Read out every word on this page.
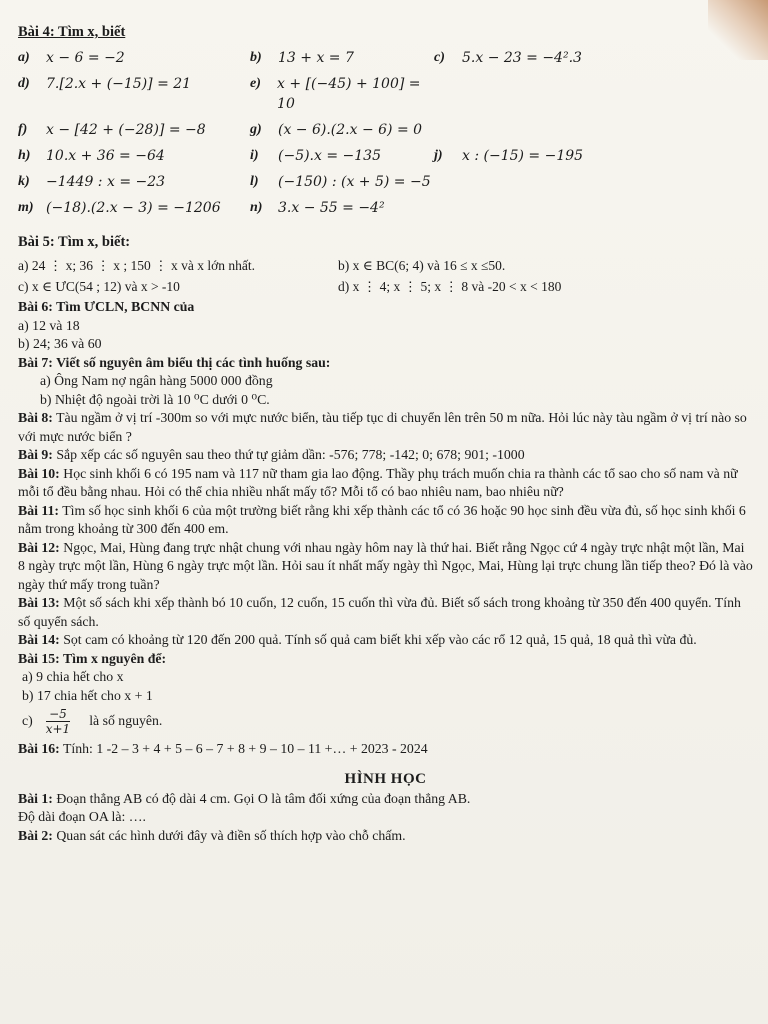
Bài 4: Tìm x, biết
a)	x − 6 = −2	b)	13 + x = 7	c)	5.x − 23 = −4².3
d)	7.[2.x + (−15)] = 21	e)	x + [(−45) + 100] = 10
f)	x − [42 + (−28)] = −8	g)	(x − 6).(2.x − 6) = 0
h)	10.x + 36 = −64	i)	(−5).x = −135	j)	x : (−15) = −195
k)	−1449 : x = −23	l)	(−150) : (x + 5) = −5
m) (−18).(2.x − 3) = −1206 n)	3.x − 55 = −4²
Bài 5: Tìm x, biết:
a) 24 ⋮ x; 36 ⋮ x ; 150 ⋮ x và x lớn nhất.	b) x ∈ BC(6; 4) và 16 ≤ x ≤50.
c) x ∈ ƯC(54 ; 12) và x > -10	d) x ⋮ 4; x ⋮ 5; x ⋮ 8 và -20 < x < 180
Bài 6: Tìm ƯCLN, BCNN của
a) 12 và 18
b) 24; 36 và 60
Bài 7: Viết số nguyên âm biểu thị các tình huống sau:
a) Ông Nam nợ ngân hàng 5000 000 đồng
b) Nhiệt độ ngoài trời là 10 ⁰C dưới 0 ⁰C.
Bài 8: Tàu ngầm ở vị trí -300m so với mực nước biển, tàu tiếp tục di chuyển lên trên 50 m nữa. Hỏi lúc này tàu ngầm ở vị trí nào so với mực nước biển ?
Bài 9: Sắp xếp các số nguyên sau theo thứ tự giảm dần: -576; 778; -142; 0; 678; 901; -1000
Bài 10: Học sinh khối 6 có 195 nam và 117 nữ tham gia lao động. Thầy phụ trách muốn chia ra thành các tổ sao cho số nam và nữ mỗi tổ đều bằng nhau. Hỏi có thể chia nhiều nhất mấy tổ? Mỗi tổ có bao nhiêu nam, bao nhiêu nữ?
Bài 11: Tìm số học sinh khối 6 của một trường biết rằng khi xếp thành các tổ có 36 hoặc 90 học sinh đều vừa đủ, số học sinh khối 6 nằm trong khoảng từ 300 đến 400 em.
Bài 12: Ngọc, Mai, Hùng đang trực nhật chung với nhau ngày hôm nay là thứ hai. Biết rằng Ngọc cứ 4 ngày trực nhật một lần, Mai 8 ngày trực một lần, Hùng 6 ngày trực một lần. Hỏi sau ít nhất mấy ngày thì Ngọc, Mai, Hùng lại trực chung lần tiếp theo? Đó là vào ngày thứ mấy trong tuần?
Bài 13: Một số sách khi xếp thành bó 10 cuốn, 12 cuốn, 15 cuốn thì vừa đủ. Biết số sách trong khoảng từ 350 đến 400 quyển. Tính số quyển sách.
Bài 14: Sọt cam có khoảng từ 120 đến 200 quả. Tính số quả cam biết khi xếp vào các rổ 12 quả, 15 quả, 18 quả thì vừa đủ.
Bài 15: Tìm x nguyên để:
a) 9 chia hết cho x
b) 17 chia hết cho x + 1
$c) \frac{-5}{x+1}$ là số nguyên.
Bài 16: Tính: 1 -2 – 3 + 4 + 5 – 6 – 7 + 8 + 9 – 10 – 11 +… + 2023 - 2024
HÌNH HỌC
Bài 1: Đoạn thẳng AB có độ dài 4 cm. Gọi O là tâm đối xứng của đoạn thẳng AB.
Độ dài đoạn OA là: ….
Bài 2: Quan sát các hình dưới đây và điền số thích hợp vào chỗ chấm.
